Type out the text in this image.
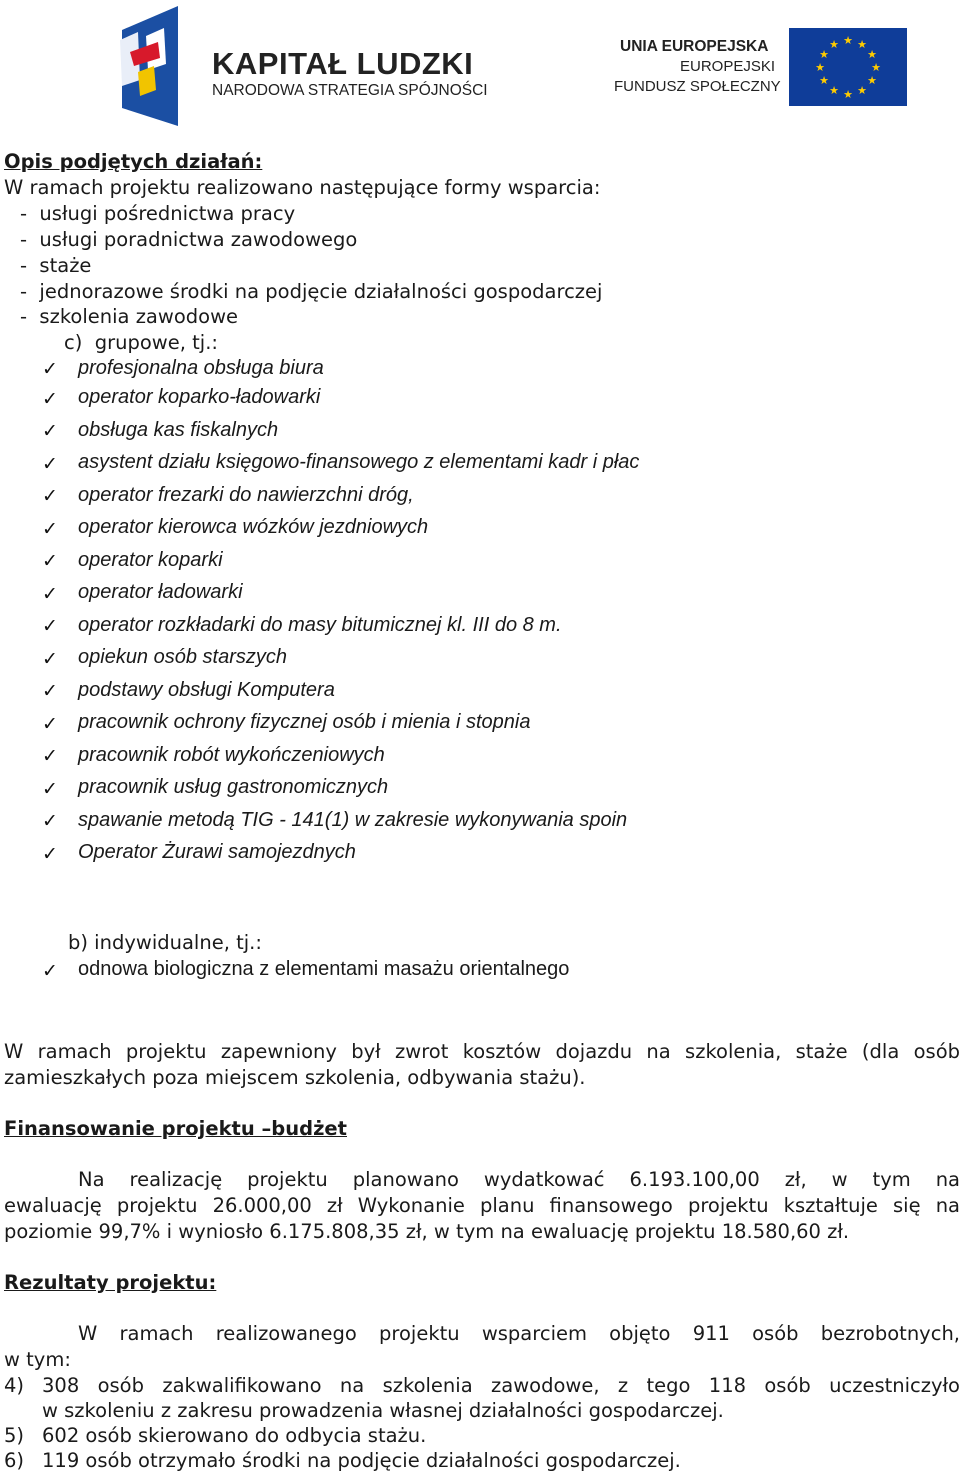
KAPITAŁ LUDZKI
NARODOWA STRATEGIA SPÓJNOŚCI
UNIA EUROPEJSKA
EUROPEJSKI
FUNDUSZ SPOŁECZNY
★ ★
★
★
★
★
★
★
★
★
★
★
Opis podjętych działań:
W ramach projektu realizowano następujące formy wsparcia:
-  usługi pośrednictwa pracy
-  usługi poradnictwa zawodowego
-  staże
-  jednorazowe środki na podjęcie działalności gospodarczej
-  szkolenia zawodowe
c)  grupowe, tj.:
✓ profesjonalna obsługa biura
✓ operator koparko-ładowarki
✓ obsługa kas fiskalnych
✓ asystent działu księgowo-finansowego z elementami kadr i płac
✓ operator frezarki do nawierzchni dróg,
✓ operator kierowca wózków jezdniowych
✓ operator koparki
✓ operator ładowarki
✓ operator rozkładarki do masy bitumicznej kl. III do 8 m.
✓ opiekun osób starszych
✓ podstawy obsługi Komputera
✓ pracownik ochrony fizycznej osób i mienia i stopnia
✓ pracownik robót wykończeniowych
✓ pracownik usług gastronomicznych
✓ spawanie metodą TIG - 141(1) w zakresie wykonywania spoin
✓ Operator Żurawi samojezdnych
b) indywidualne, tj.:
✓ odnowa biologiczna z elementami masażu orientalnego
W ramach projektu zapewniony był zwrot kosztów dojazdu na szkolenia, staże (dla osób
zamieszkałych poza miejscem szkolenia, odbywania stażu).
Finansowanie projektu –budżet
Na realizację projektu planowano wydatkować 6.193.100,00 zł, w tym na
ewaluację projektu 26.000,00 zł Wykonanie planu finansowego projektu kształtuje się na
poziomie 99,7% i wyniosło 6.175.808,35 zł, w tym na ewaluację projektu 18.580,60 zł.
Rezultaty projektu:
W ramach realizowanego projektu wsparciem objęto 911 osób bezrobotnych,
w tym:
4) 308 osób zakwalifikowano na szkolenia zawodowe, z tego 118 osób uczestniczyło
w szkoleniu z zakresu prowadzenia własnej działalności gospodarczej.
5) 602 osób skierowano do odbycia stażu.
6) 119 osób otrzymało środki na podjęcie działalności gospodarczej.
